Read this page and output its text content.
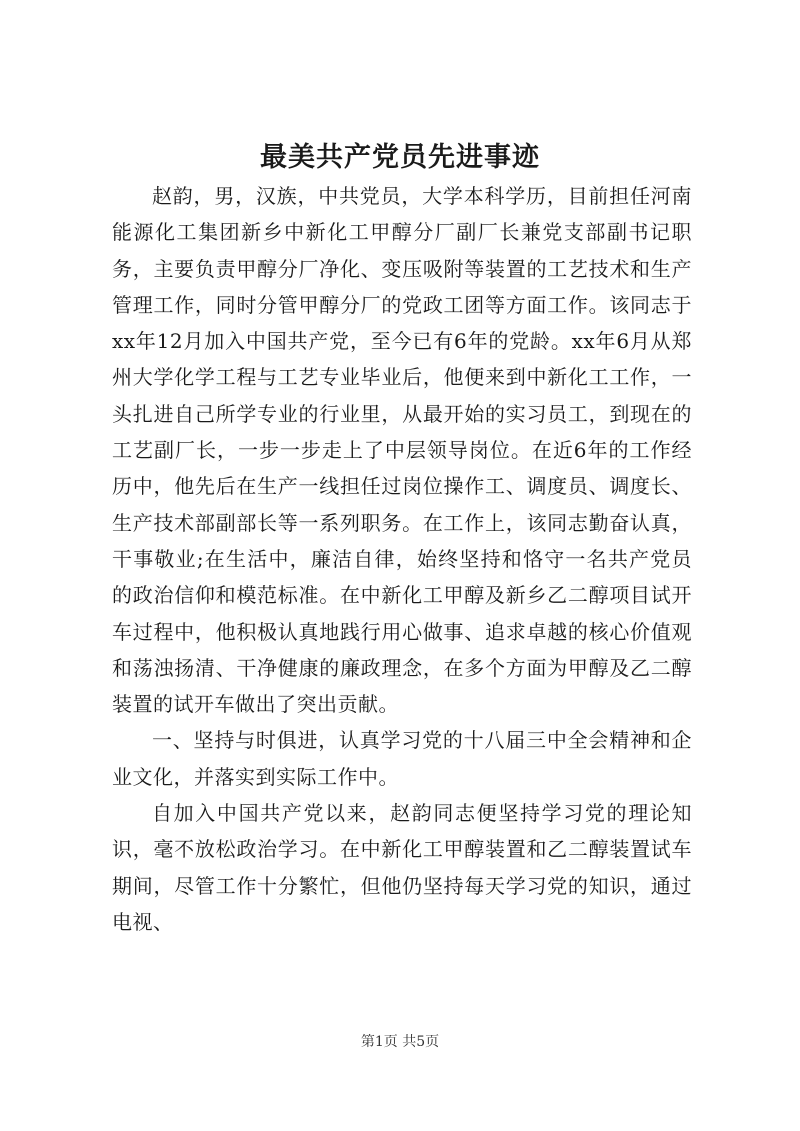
最美共产党员先进事迹

赵韵，男，汉族，中共党员，大学本科学历，目前担任河南能源化工集团新乡中新化工甲醇分厂副厂长兼党支部副书记职务，主要负责甲醇分厂净化、变压吸附等装置的工艺技术和生产管理工作，同时分管甲醇分厂的党政工团等方面工作。该同志于xx年12月加入中国共产党，至今已有6年的党龄。xx年6月从郑州大学化学工程与工艺专业毕业后，他便来到中新化工工作，一头扎进自己所学专业的行业里，从最开始的实习员工，到现在的工艺副厂长，一步一步走上了中层领导岗位。在近6年的工作经历中，他先后在生产一线担任过岗位操作工、调度员、调度长、生产技术部副部长等一系列职务。在工作上，该同志勤奋认真，干事敬业;在生活中，廉洁自律，始终坚持和恪守一名共产党员的政治信仰和模范标准。在中新化工甲醇及新乡乙二醇项目试开车过程中，他积极认真地践行用心做事、追求卓越的核心价值观和荡浊扬清、干净健康的廉政理念，在多个方面为甲醇及乙二醇装置的试开车做出了突出贡献。

一、坚持与时俱进，认真学习党的十八届三中全会精神和企业文化，并落实到实际工作中。

自加入中国共产党以来，赵韵同志便坚持学习党的理论知识，毫不放松政治学习。在中新化工甲醇装置和乙二醇装置试车期间，尽管工作十分繁忙，但他仍坚持每天学习党的知识，通过电视、

第1页 共5页
